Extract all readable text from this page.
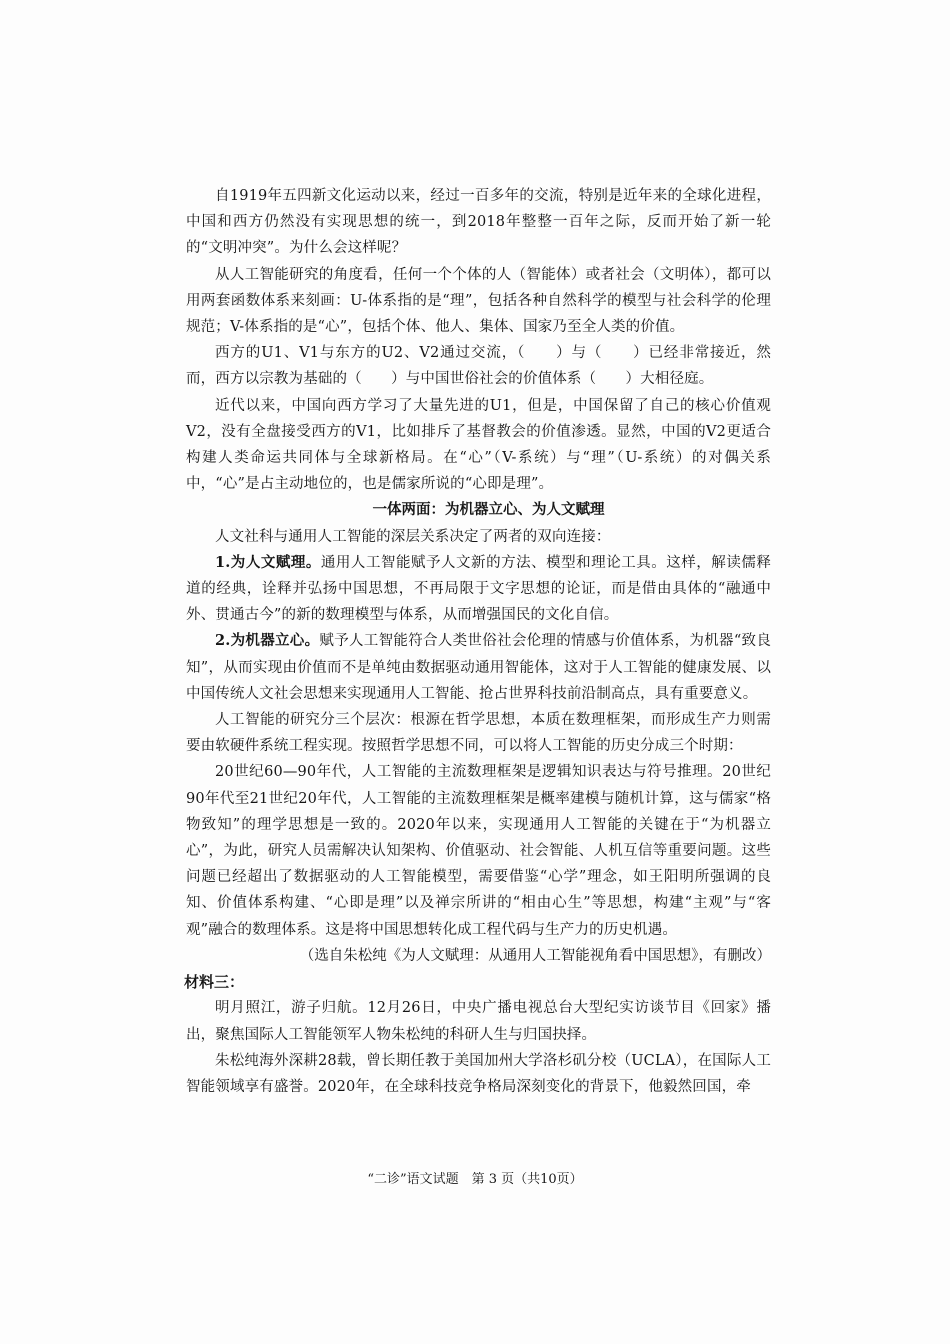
自1919年五四新文化运动以来，经过一百多年的交流，特别是近年来的全球化进程，中国和西方仍然没有实现思想的统一，到2018年整整一百年之际，反而开始了新一轮的“文明冲突”。为什么会这样呢？

从人工智能研究的角度看，任何一个个体的人（智能体）或者社会（文明体），都可以用两套函数体系来刻画：U-体系指的是“理”，包括各种自然科学的模型与社会科学的伦理规范；V-体系指的是“心”，包括个体、他人、集体、国家乃至全人类的价值。

西方的U1、V1与东方的U2、V2通过交流，（　　）与（　　）已经非常接近，然而，西方以宗教为基础的（　　）与中国世俗社会的价值体系（　　）大相径庭。

近代以来，中国向西方学习了大量先进的U1，但是，中国保留了自己的核心价值观V2，没有全盘接受西方的V1，比如排斥了基督教会的价值渗透。显然，中国的V2更适合构建人类命运共同体与全球新格局。在“心”（V-系统）与“理”（U-系统）的对偶关系中，“心”是占主动地位的，也是儒家所说的“心即是理”。

一体两面：为机器立心、为人文赋理

人文社科与通用人工智能的深层关系决定了两者的双向连接：

1.为人文赋理。通用人工智能赋予人文新的方法、模型和理论工具。这样，解读儒释道的经典，诠释并弘扬中国思想，不再局限于文字思想的论证，而是借由具体的“融通中外、贯通古今”的新的数理模型与体系，从而增强国民的文化自信。

2.为机器立心。赋予人工智能符合人类世俗社会伦理的情感与价值体系，为机器“致良知”，从而实现由价值而不是单纯由数据驱动通用智能体，这对于人工智能的健康发展、以中国传统人文社会思想来实现通用人工智能、抢占世界科技前沿制高点，具有重要意义。

人工智能的研究分三个层次：根源在哲学思想，本质在数理框架，而形成生产力则需要由软硬件系统工程实现。按照哲学思想不同，可以将人工智能的历史分成三个时期：

20世纪60—90年代，人工智能的主流数理框架是逻辑知识表达与符号推理。20世纪90年代至21世纪20年代，人工智能的主流数理框架是概率建模与随机计算，这与儒家“格物致知”的理学思想是一致的。2020年以来，实现通用人工智能的关键在于“为机器立心”，为此，研究人员需解决认知架构、价值驱动、社会智能、人机互信等重要问题。这些问题已经超出了数据驱动的人工智能模型，需要借鉴“心学”理念，如王阳明所强调的良知、价值体系构建、“心即是理”以及禅宗所讲的“相由心生”等思想，构建“主观”与“客观”融合的数理体系。这是将中国思想转化成工程代码与生产力的历史机遇。

（选自朱松纯《为人文赋理：从通用人工智能视角看中国思想》，有删改）

材料三：

明月照江，游子归航。12月26日，中央广播电视总台大型纪实访谈节目《回家》播出，聚焦国际人工智能领军人物朱松纯的科研人生与归国抉择。

朱松纯海外深耕28载，曾长期任教于美国加州大学洛杉矶分校（UCLA），在国际人工智能领域享有盛誉。2020年，在全球科技竞争格局深刻变化的背景下，他毅然回国，牵

“二诊”语文试题　第 3 页（共10页）
